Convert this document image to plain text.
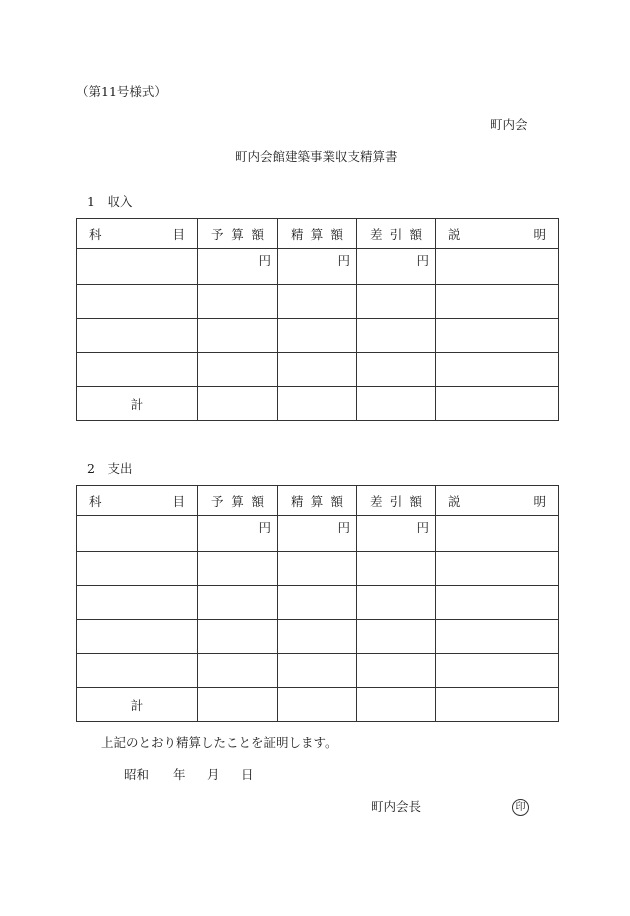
（第11号様式）
町内会
町内会館建築事業収支精算書
1　収入
科 目	予 算 額	精 算 額	差 引 額	説 明

	円	円	円	

計				
2　支出
科 目	予 算 額	精 算 額	差 引 額	説 明

	円	円	円	

計				
上記のとおり精算したことを証明します。
昭和 年 月 日
町内会長	印
